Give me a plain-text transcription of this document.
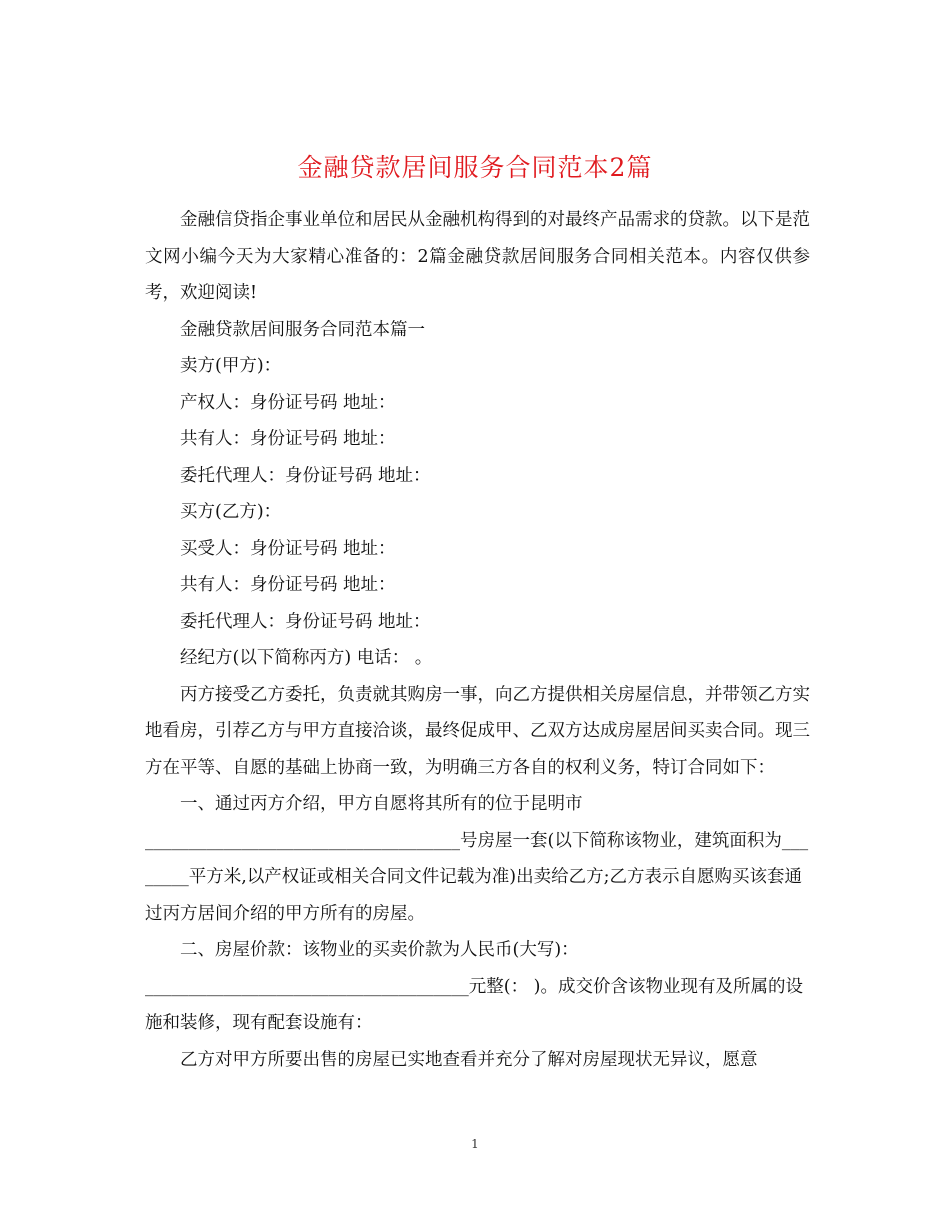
金融贷款居间服务合同范本2篇

金融信贷指企事业单位和居民从金融机构得到的对最终产品需求的贷款。以下是范文网小编今天为大家精心准备的：2篇金融贷款居间服务合同相关范本。内容仅供参考，欢迎阅读!

金融贷款居间服务合同范本篇一

卖方(甲方)：

产权人：身份证号码 地址：

共有人：身份证号码 地址：

委托代理人：身份证号码 地址：

买方(乙方)：

买受人：身份证号码 地址：

共有人：身份证号码 地址：

委托代理人：身份证号码 地址：

经纪方(以下简称丙方) 电话： 。

丙方接受乙方委托，负责就其购房一事，向乙方提供相关房屋信息，并带领乙方实地看房，引荐乙方与甲方直接洽谈，最终促成甲、乙双方达成房屋居间买卖合同。现三方在平等、自愿的基础上协商一致，为明确三方各自的权利义务，特订合同如下：

一、通过丙方介绍，甲方自愿将其所有的位于昆明市

____________________________________号房屋一套(以下简称该物业，建筑面积为________平方米,以产权证或相关合同文件记载为准)出卖给乙方;乙方表示自愿购买该套通过丙方居间介绍的甲方所有的房屋。

二、房屋价款：该物业的买卖价款为人民币(大写)：

_____________________________________元整(： )。成交价含该物业现有及所属的设施和装修，现有配套设施有：

乙方对甲方所要出售的房屋已实地查看并充分了解对房屋现状无异议，愿意

1
